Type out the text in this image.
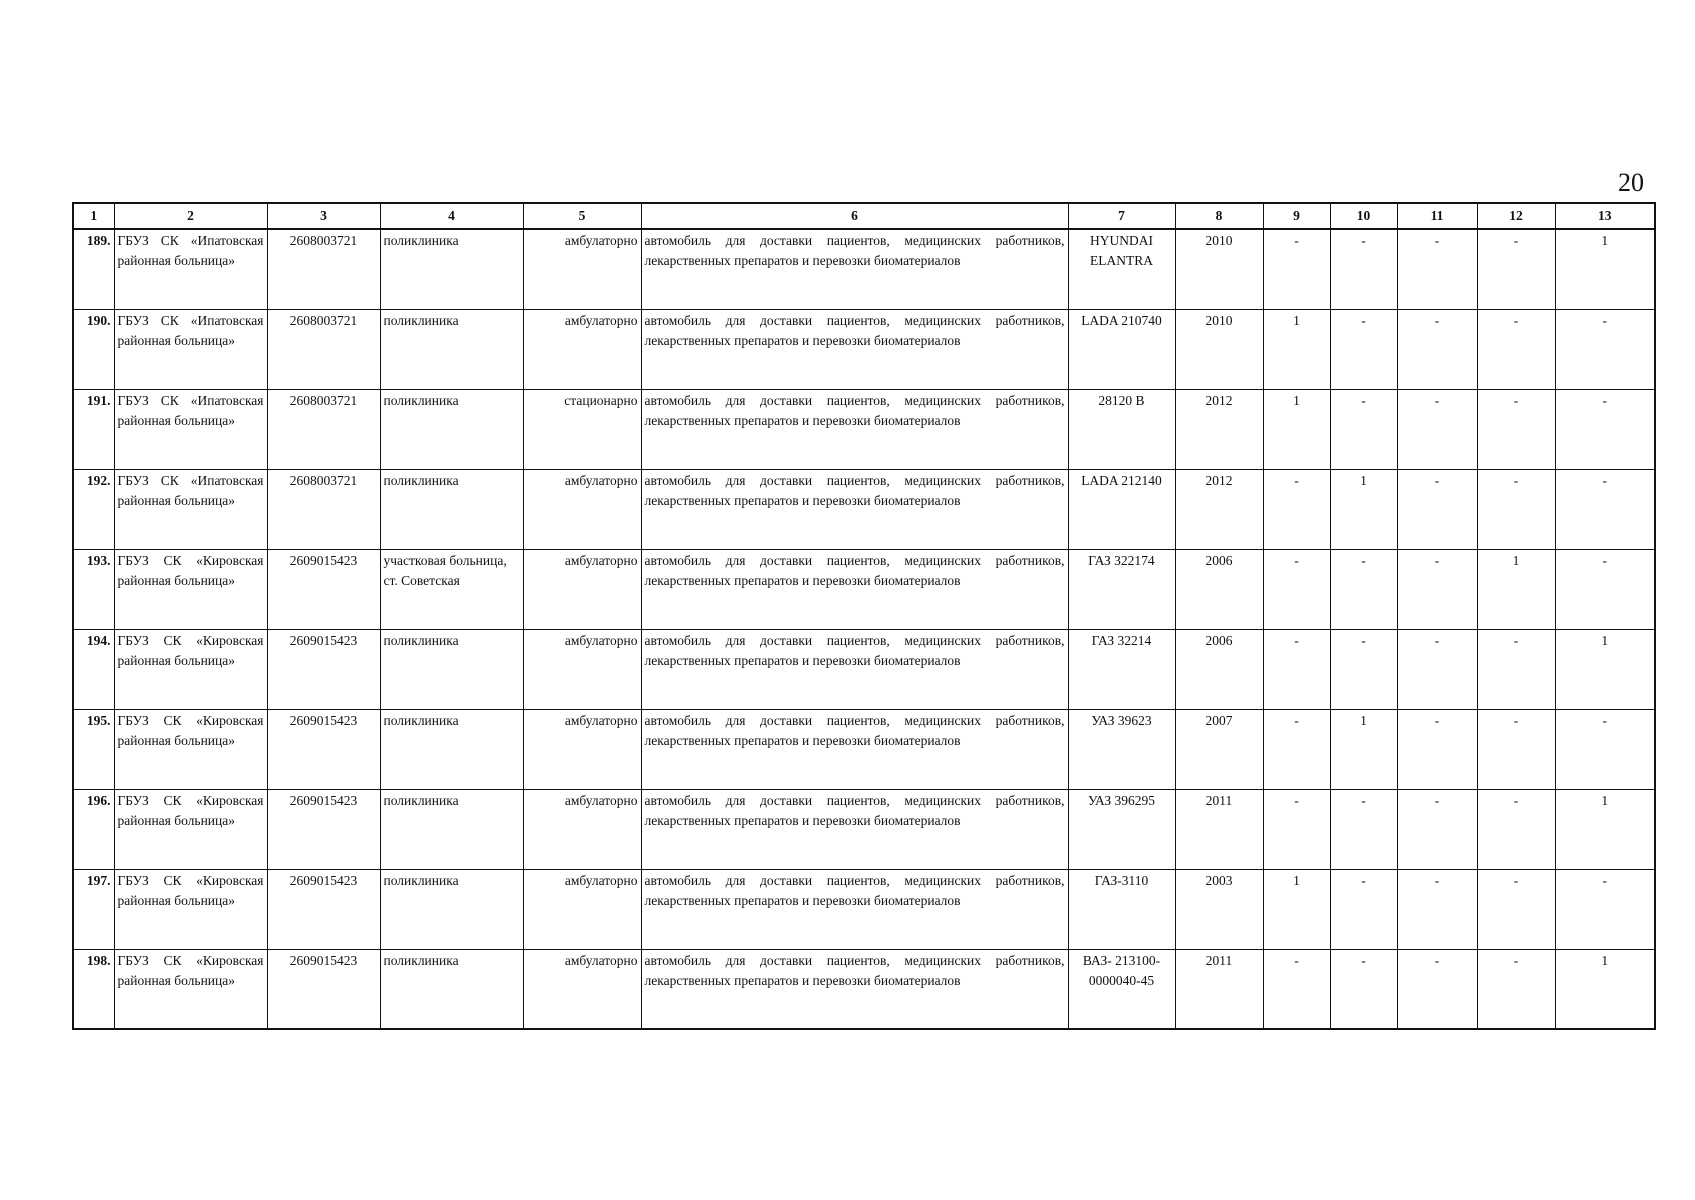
20
1	2	3	4	5	6	7	8	9	10	11	12	13
189.	ГБУЗ СК «Ипатовская районная больница»	2608003721	поликлиника	амбулаторно	автомобиль для доставки пациентов, медицинских работников, лекарственных препаратов и перевозки биоматериалов	HYUNDAI ELANTRA	2010	-	-	-	-	1
190.	ГБУЗ СК «Ипатовская районная больница»	2608003721	поликлиника	амбулаторно	автомобиль для доставки пациентов, медицинских работников, лекарственных препаратов и перевозки биоматериалов	LADA 210740	2010	1	-	-	-	-
191.	ГБУЗ СК «Ипатовская районная больница»	2608003721	поликлиника	стационарно	автомобиль для доставки пациентов, медицинских работников, лекарственных препаратов и перевозки биоматериалов	28120 В	2012	1	-	-	-	-
192.	ГБУЗ СК «Ипатовская районная больница»	2608003721	поликлиника	амбулаторно	автомобиль для доставки пациентов, медицинских работников, лекарственных препаратов и перевозки биоматериалов	LADA 212140	2012	-	1	-	-	-
193.	ГБУЗ СК «Кировская районная больница»	2609015423	участковая больница, ст. Советская	амбулаторно	автомобиль для доставки пациентов, медицинских работников, лекарственных препаратов и перевозки биоматериалов	ГАЗ 322174	2006	-	-	-	1	-
194.	ГБУЗ СК «Кировская районная больница»	2609015423	поликлиника	амбулаторно	автомобиль для доставки пациентов, медицинских работников, лекарственных препаратов и перевозки биоматериалов	ГАЗ 32214	2006	-	-	-	-	1
195.	ГБУЗ СК «Кировская районная больница»	2609015423	поликлиника	амбулаторно	автомобиль для доставки пациентов, медицинских работников, лекарственных препаратов и перевозки биоматериалов	УАЗ 39623	2007	-	1	-	-	-
196.	ГБУЗ СК «Кировская районная больница»	2609015423	поликлиника	амбулаторно	автомобиль для доставки пациентов, медицинских работников, лекарственных препаратов и перевозки биоматериалов	УАЗ 396295	2011	-	-	-	-	1
197.	ГБУЗ СК «Кировская районная больница»	2609015423	поликлиника	амбулаторно	автомобиль для доставки пациентов, медицинских работников, лекарственных препаратов и перевозки биоматериалов	ГАЗ-3110	2003	1	-	-	-	-
198.	ГБУЗ СК «Кировская районная больница»	2609015423	поликлиника	амбулаторно	автомобиль для доставки пациентов, медицинских работников, лекарственных препаратов и перевозки биоматериалов	ВАЗ- 213100-0000040-45	2011	-	-	-	-	1
